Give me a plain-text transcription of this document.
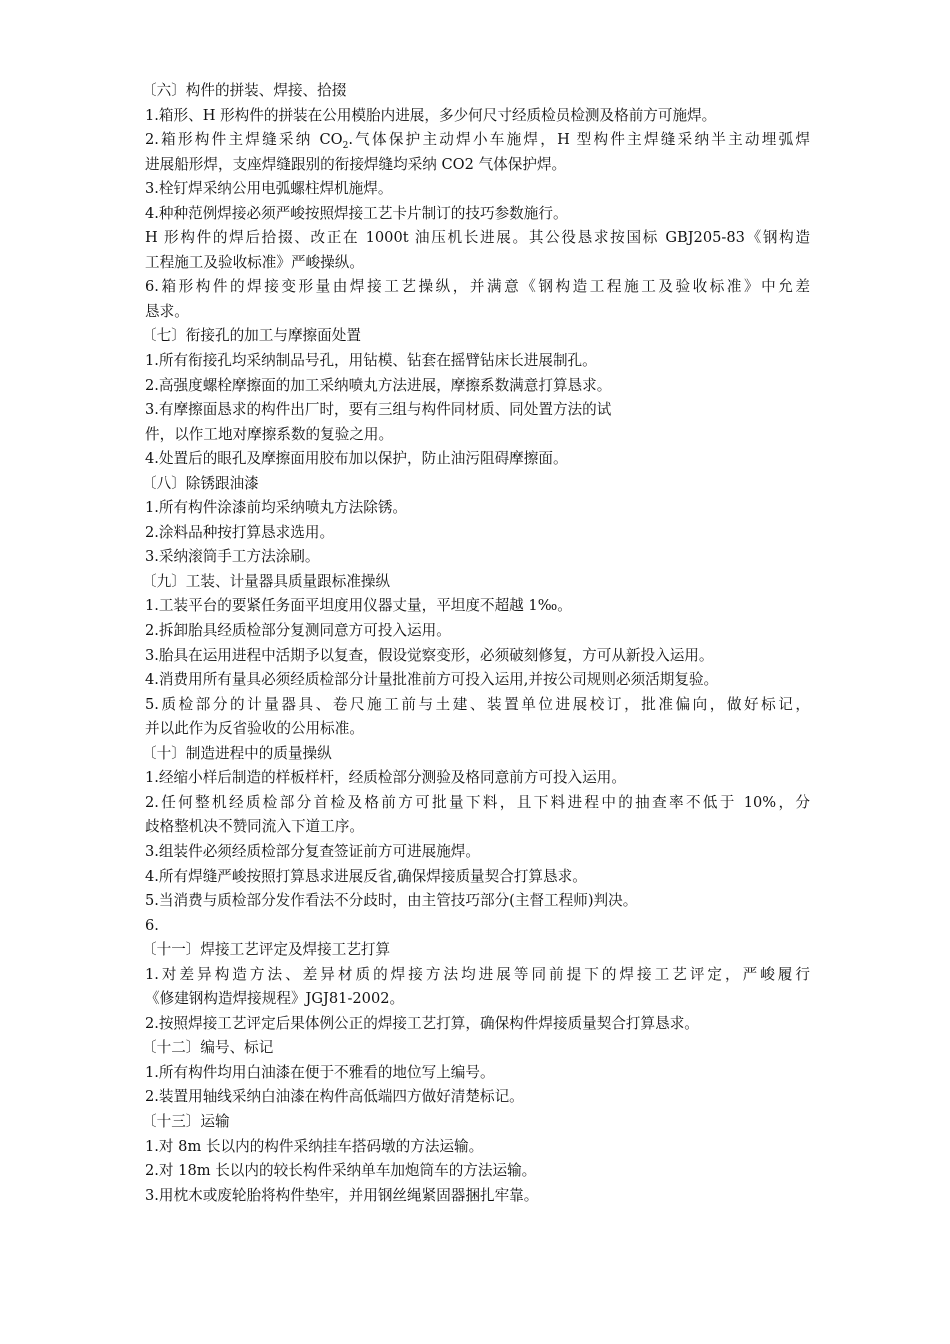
〔六〕构件的拼装、焊接、拾掇
1.箱形、H 形构件的拼装在公用模胎内进展，多少何尺寸经质检员检测及格前方可施焊。
2.箱形构件主焊缝采纳 $CO_2$.气体保护主动焊小车施焊，H 型构件主焊缝采纳半主动埋弧焊
进展船形焊，支座焊缝跟别的衔接焊缝均采纳 CO2 气体保护焊。
3.栓钉焊采纳公用电弧螺柱焊机施焊。
4.种种范例焊接必须严峻按照焊接工艺卡片制订的技巧参数施行。
H 形构件的焊后拾掇、改正在 1000t 油压机长进展。其公役恳求按国标 GBJ205-83《钢构造
工程施工及验收标准》严峻操纵。
6.箱形构件的焊接变形量由焊接工艺操纵，并满意《钢构造工程施工及验收标准》中允差
恳求。
〔七〕衔接孔的加工与摩擦面处置
1.所有衔接孔均采纳制品号孔，用钻模、钻套在摇臂钻床长进展制孔。
2.高强度螺栓摩擦面的加工采纳喷丸方法进展，摩擦系数满意打算恳求。
3.有摩擦面恳求的构件出厂时，要有三组与构件同材质、同处置方法的试
件，以作工地对摩擦系数的复验之用。
4.处置后的眼孔及摩擦面用胶布加以保护，防止油污阻碍摩擦面。
〔八〕除锈跟油漆
1.所有构件涂漆前均采纳喷丸方法除锈。
2.涂料品种按打算恳求选用。
3.采纳滚筒手工方法涂刷。
〔九〕工装、计量器具质量跟标准操纵
1.工装平台的要紧任务面平坦度用仪器丈量，平坦度不超越 1‰。
2.拆卸胎具经质检部分复测同意方可投入运用。
3.胎具在运用进程中活期予以复查，假设觉察变形，必须破刻修复，方可从新投入运用。
4.消费用所有量具必须经质检部分计量批准前方可投入运用,并按公司规则必须活期复验。
5.质检部分的计量器具、卷尺施工前与土建、装置单位进展校订，批准偏向，做好标记，
并以此作为反省验收的公用标准。
〔十〕制造进程中的质量操纵
1.经缩小样后制造的样板样杆，经质检部分测验及格同意前方可投入运用。
2.任何整机经质检部分首检及格前方可批量下料，且下料进程中的抽查率不低于 10%，分
歧格整机决不赞同流入下道工序。
3.组装件必须经质检部分复查签证前方可进展施焊。
4.所有焊缝严峻按照打算恳求进展反省,确保焊接质量契合打算恳求。
5.当消费与质检部分发作看法不分歧时，由主管技巧部分(主督工程师)判决。
6.
〔十一〕焊接工艺评定及焊接工艺打算
1.对差异构造方法、差异材质的焊接方法均进展等同前提下的焊接工艺评定，严峻履行
《修建钢构造焊接规程》JGJ81-2002。
2.按照焊接工艺评定后果体例公正的焊接工艺打算，确保构件焊接质量契合打算恳求。
〔十二〕编号、标记
1.所有构件均用白油漆在便于不雅看的地位写上编号。
2.装置用轴线采纳白油漆在构件高低端四方做好清楚标记。
〔十三〕运输
1.对 8m 长以内的构件采纳挂车搭码墩的方法运输。
2.对 18m 长以内的较长构件采纳单车加炮筒车的方法运输。
3.用枕木或废轮胎将构件垫牢，并用钢丝绳紧固器捆扎牢靠。
